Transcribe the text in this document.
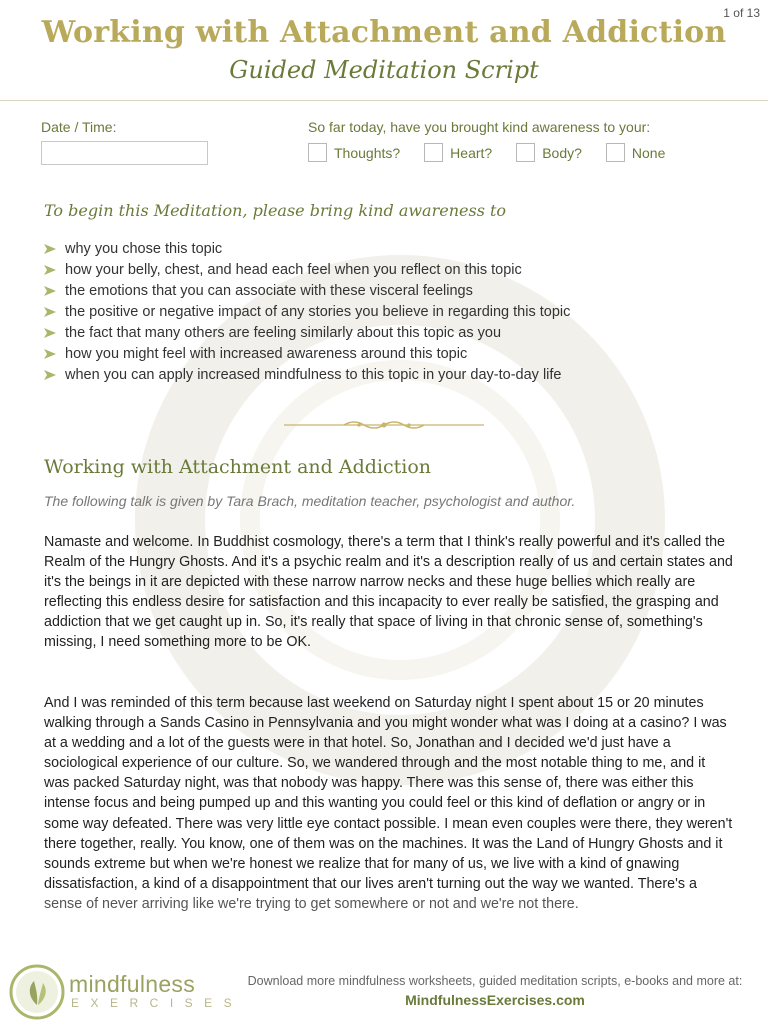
1 of 13
Working with Attachment and Addiction
Guided Meditation Script
Date / Time:	So far today, have you brought kind awareness to your:
Thoughts?	Heart?	Body?	None
To begin this Meditation, please bring kind awareness to
why you chose this topic
how your belly, chest, and head each feel when you reflect on this topic
the emotions that you can associate with these visceral feelings
the positive or negative impact of any stories you believe in regarding this topic
the fact that many others are feeling similarly about this topic as you
how you might feel with increased awareness around this topic
when you can apply increased mindfulness to this topic in your day-to-day life
Working with Attachment and Addiction
The following talk is given by Tara Brach, meditation teacher, psychologist and author.

Namaste and welcome. In Buddhist cosmology, there's a term that I think's really powerful and it's called the Realm of the Hungry Ghosts. And it's a psychic realm and it's a description really of us and certain states and it's the beings in it are depicted with these narrow narrow necks and these huge bellies which really are reflecting this endless desire for satisfaction and this incapacity to ever really be satisfied, the grasping and addiction that we get caught up in. So, it's really that space of living in that chronic sense of, something's missing, I need something more to be OK.

And I was reminded of this term because last weekend on Saturday night I spent about 15 or 20 minutes walking through a Sands Casino in Pennsylvania and you might wonder what was I doing at a casino? I was at a wedding and a lot of the guests were in that hotel. So, Jonathan and I decided we'd just have a sociological experience of our culture. So, we wandered through and the most notable thing to me, and it was packed Saturday night, was that nobody was happy. There was this sense of, there was either this intense focus and being pumped up and this wanting you could feel or this kind of deflation or angry or in some way defeated. There was very little eye contact possible. I mean even couples were there, they weren't there together, really. You know, one of them was on the machines. It was the Land of Hungry Ghosts and it sounds extreme but when we're honest we realize that for many of us, we live with a kind of gnawing dissatisfaction, a kind of a disappointment that our lives aren't turning out the way we wanted. There's a sense of never arriving like we're trying to get somewhere or not and we're not there.

mindfulness
EXERCISES
Download more mindfulness worksheets, guided meditation scripts, e-books and more at:
MindfulnessExercises.com
